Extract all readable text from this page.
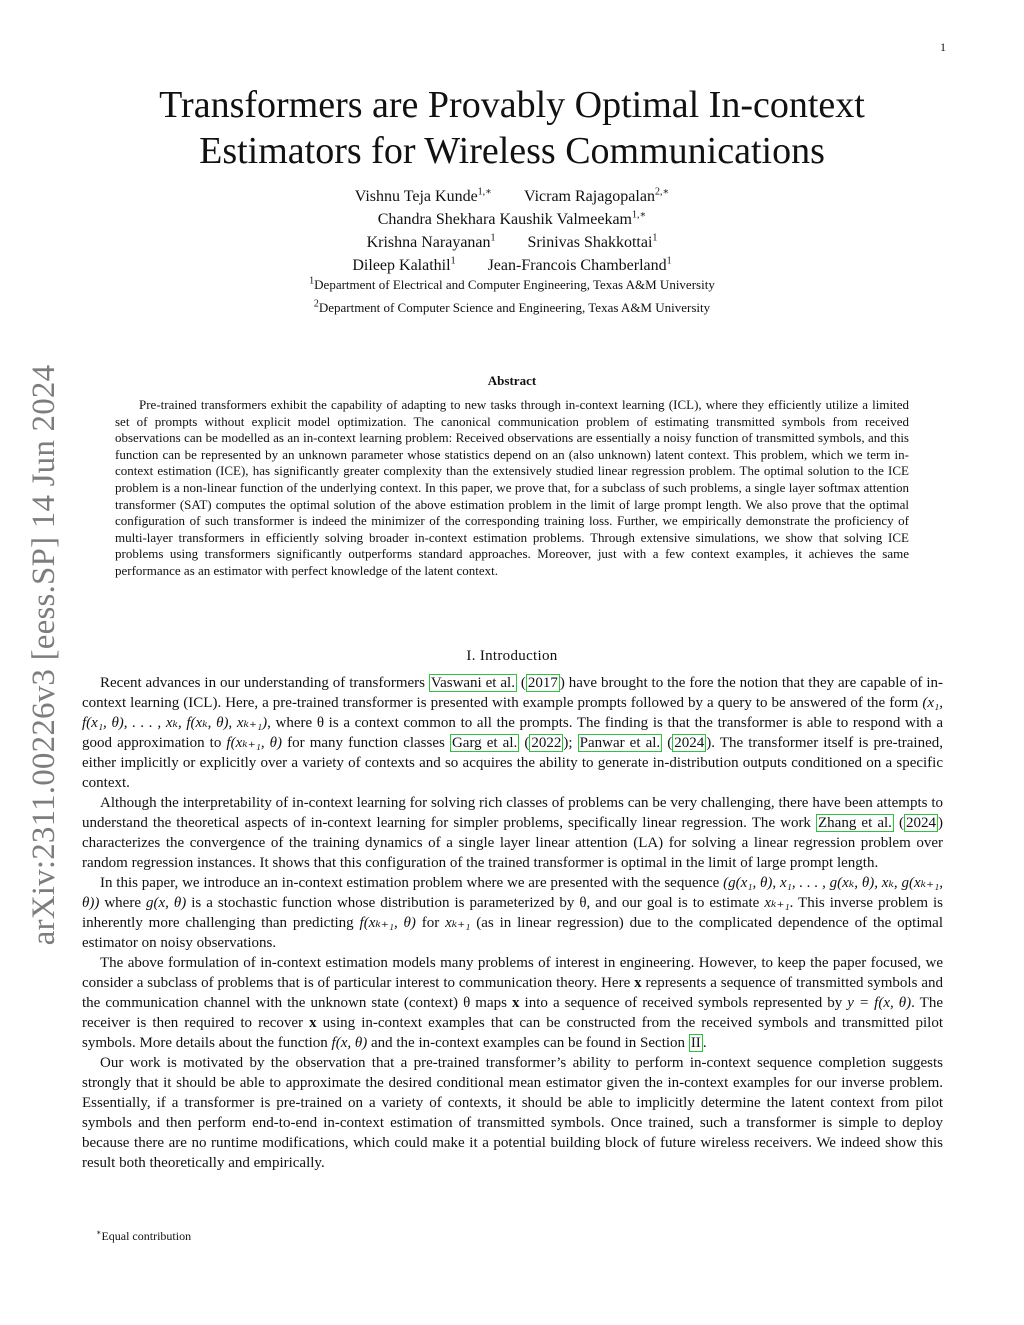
1
arXiv:2311.00226v3 [eess.SP] 14 Jun 2024
Transformers are Provably Optimal In-context
Estimators for Wireless Communications
Vishnu Teja Kunde$^{1,∗}$ Vicram Rajagopalan$^{2,∗}$
Chandra Shekhara Kaushik Valmeekam$^{1,∗}$
Krishna Narayanan$^1$ Srinivas Shakkottai$^1$
Dileep Kalathil$^1$ Jean-Francois Chamberland$^1$
$^1$Department of Electrical and Computer Engineering, Texas A&M University
$^2$Department of Computer Science and Engineering, Texas A&M University
Abstract

Pre-trained transformers exhibit the capability of adapting to new tasks through in-context learning (ICL), where they efficiently utilize a limited set of prompts without explicit model optimization. The canonical communication problem of estimating transmitted symbols from received observations can be modelled as an in-context learning problem: Received observations are essentially a noisy function of transmitted symbols, and this function can be represented by an unknown parameter whose statistics depend on an (also unknown) latent context. This problem, which we term in-context estimation (ICE), has significantly greater complexity than the extensively studied linear regression problem. The optimal solution to the ICE problem is a non-linear function of the underlying context. In this paper, we prove that, for a subclass of such problems, a single layer softmax attention transformer (SAT) computes the optimal solution of the above estimation problem in the limit of large prompt length. We also prove that the optimal configuration of such transformer is indeed the minimizer of the corresponding training loss. Further, we empirically demonstrate the proficiency of multi-layer transformers in efficiently solving broader in-context estimation problems. Through extensive simulations, we show that solving ICE problems using transformers significantly outperforms standard approaches. Moreover, just with a few context examples, it achieves the same performance as an estimator with perfect knowledge of the latent context.

I. Introduction

Recent advances in our understanding of transformers Vaswani et al. ( 2017 ) have brought to the fore the notion that they are capable of in-context learning (ICL). Here, a pre-trained transformer is presented with example prompts followed by a query to be answered of the form (x₁, f(x₁, θ), . . . , xₖ, f(xₖ, θ), xₖ₊₁), where θ is a context common to all the prompts. The finding is that the transformer is able to respond with a good approximation to f(xₖ₊₁, θ) for many function classes Garg et al. ( 2022 ); Panwar et al. ( 2024 ). The transformer itself is pre-trained, either implicitly or explicitly over a variety of contexts and so acquires the ability to generate in-distribution outputs conditioned on a specific context.

Although the interpretability of in-context learning for solving rich classes of problems can be very challenging, there have been attempts to understand the theoretical aspects of in-context learning for simpler problems, specifically linear regression. The work Zhang et al. ( 2024 ) characterizes the convergence of the training dynamics of a single layer linear attention (LA) for solving a linear regression problem over random regression instances. It shows that this configuration of the trained transformer is optimal in the limit of large prompt length.

In this paper, we introduce an in-context estimation problem where we are presented with the sequence (g(x₁, θ), x₁, . . . , g(xₖ, θ), xₖ, g(xₖ₊₁, θ)) where g(x, θ) is a stochastic function whose distribution is parameterized by θ, and our goal is to estimate xₖ₊₁. This inverse problem is inherently more challenging than predicting f(xₖ₊₁, θ) for xₖ₊₁ (as in linear regression) due to the complicated dependence of the optimal estimator on noisy observations.

The above formulation of in-context estimation models many problems of interest in engineering. However, to keep the paper focused, we consider a subclass of problems that is of particular interest to communication theory. Here x represents a sequence of transmitted symbols and the communication channel with the unknown state (context) θ maps x into a sequence of received symbols represented by y = f(x, θ). The receiver is then required to recover x using in-context examples that can be constructed from the received symbols and transmitted pilot symbols. More details about the function f(x, θ) and the in-context examples can be found in Section II .

Our work is motivated by the observation that a pre-trained transformer’s ability to perform in-context sequence completion suggests strongly that it should be able to approximate the desired conditional mean estimator given the in-context examples for our inverse problem. Essentially, if a transformer is pre-trained on a variety of contexts, it should be able to implicitly determine the latent context from pilot symbols and then perform end-to-end in-context estimation of transmitted symbols. Once trained, such a transformer is simple to deploy because there are no runtime modifications, which could make it a potential building block of future wireless receivers. We indeed show this result both theoretically and empirically.

∗Equal contribution
